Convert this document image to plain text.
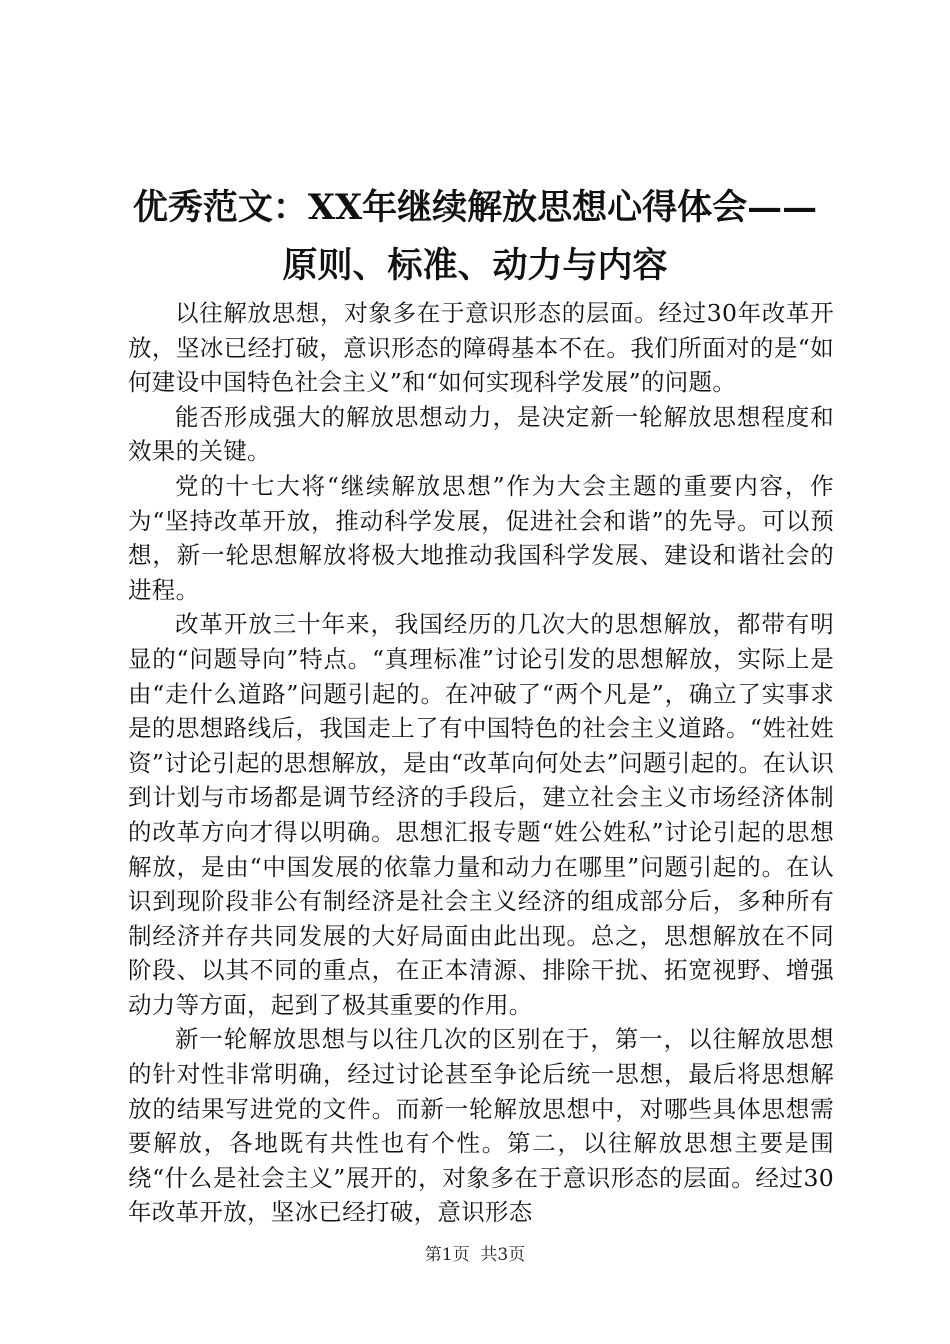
优秀范文：XX年继续解放思想心得体会——
原则、标准、动力与内容

以往解放思想，对象多在于意识形态的层面。经过30年改革开放，坚冰已经打破，意识形态的障碍基本不在。我们所面对的是“如何建设中国特色社会主义”和“如何实现科学发展”的问题。

能否形成强大的解放思想动力，是决定新一轮解放思想程度和效果的关键。

党的十七大将“继续解放思想”作为大会主题的重要内容，作为“坚持改革开放，推动科学发展，促进社会和谐”的先导。可以预想，新一轮思想解放将极大地推动我国科学发展、建设和谐社会的进程。

改革开放三十年来，我国经历的几次大的思想解放，都带有明显的“问题导向”特点。“真理标准”讨论引发的思想解放，实际上是由“走什么道路”问题引起的。在冲破了“两个凡是”，确立了实事求是的思想路线后，我国走上了有中国特色的社会主义道路。“姓社姓资”讨论引起的思想解放，是由“改革向何处去”问题引起的。在认识到计划与市场都是调节经济的手段后，建立社会主义市场经济体制的改革方向才得以明确。思想汇报专题“姓公姓私”讨论引起的思想解放，是由“中国发展的依靠力量和动力在哪里”问题引起的。在认识到现阶段非公有制经济是社会主义经济的组成部分后，多种所有制经济并存共同发展的大好局面由此出现。总之，思想解放在不同阶段、以其不同的重点，在正本清源、排除干扰、拓宽视野、增强动力等方面，起到了极其重要的作用。

新一轮解放思想与以往几次的区别在于，第一，以往解放思想的针对性非常明确，经过讨论甚至争论后统一思想，最后将思想解放的结果写进党的文件。而新一轮解放思想中，对哪些具体思想需要解放，各地既有共性也有个性。第二，以往解放思想主要是围绕“什么是社会主义”展开的，对象多在于意识形态的层面。经过30年改革开放，坚冰已经打破，意识形态

第1页  共3页
